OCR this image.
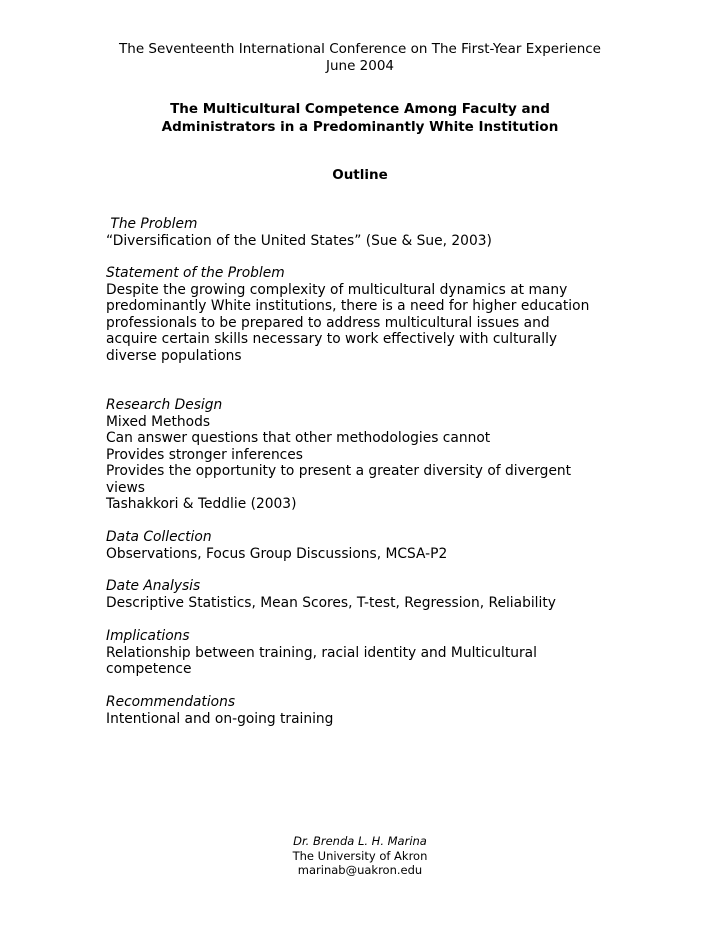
The Seventeenth International Conference on The First-Year Experience
June 2004
The Multicultural Competence Among Faculty and
Administrators in a Predominantly White Institution
Outline
The Problem
“Diversification of the United States” (Sue & Sue, 2003)
Statement of the Problem
Despite the growing complexity of multicultural dynamics at many
predominantly White institutions, there is a need for higher education
professionals to be prepared to address multicultural issues and
acquire certain skills necessary to work effectively with culturally
diverse populations
Research Design
Mixed Methods
Can answer questions that other methodologies cannot
Provides stronger inferences
Provides the opportunity to present a greater diversity of divergent
views
Tashakkori & Teddlie (2003)
Data Collection
Observations, Focus Group Discussions, MCSA-P2
Date Analysis
Descriptive Statistics, Mean Scores, T-test, Regression, Reliability
Implications
Relationship between training, racial identity and Multicultural
competence
Recommendations
Intentional and on-going training
Dr. Brenda L. H. Marina
The University of Akron
marinab@uakron.edu
